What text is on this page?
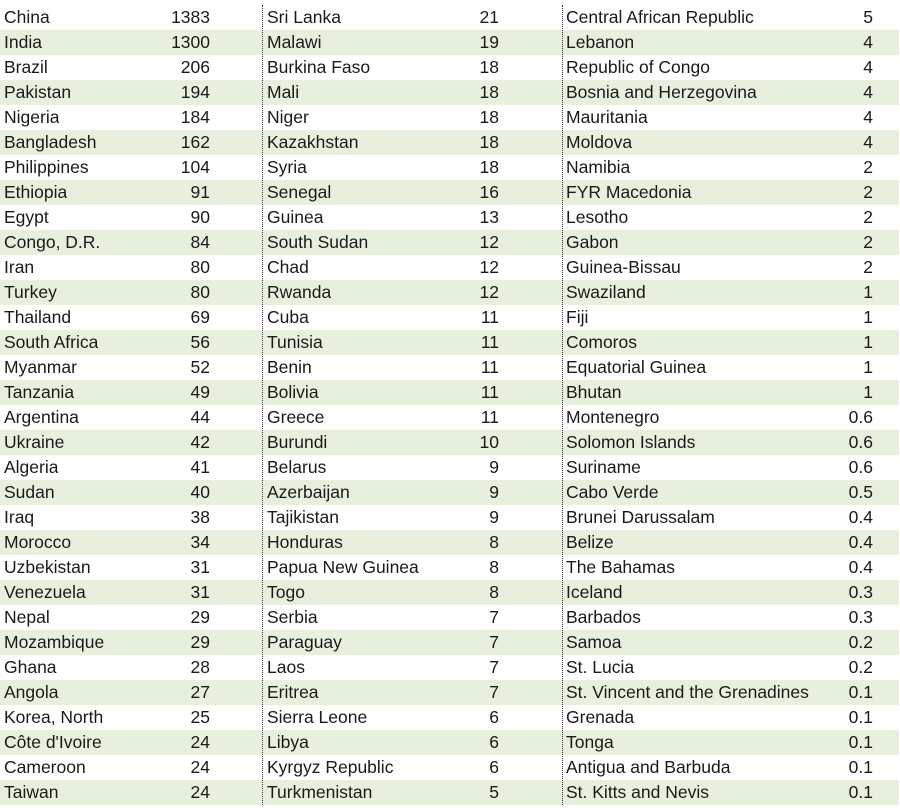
China	1383
India	1300
Brazil	206
Pakistan	194
Nigeria	184
Bangladesh	162
Philippines	104
Ethiopia	91
Egypt	90
Congo, D.R.	84
Iran	80
Turkey	80
Thailand	69
South Africa	56
Myanmar	52
Tanzania	49
Argentina	44
Ukraine	42
Algeria	41
Sudan	40
Iraq	38
Morocco	34
Uzbekistan	31
Venezuela	31
Nepal	29
Mozambique	29
Ghana	28
Angola	27
Korea, North	25
Côte d'Ivoire	24
Cameroon	24
Taiwan	24
Sri Lanka	21
Malawi	19
Burkina Faso	18
Mali	18
Niger	18
Kazakhstan	18
Syria	18
Senegal	16
Guinea	13
South Sudan	12
Chad	12
Rwanda	12
Cuba	11
Tunisia	11
Benin	11
Bolivia	11
Greece	11
Burundi	10
Belarus	9
Azerbaijan	9
Tajikistan	9
Honduras	8
Papua New Guinea	8
Togo	8
Serbia	7
Paraguay	7
Laos	7
Eritrea	7
Sierra Leone	6
Libya	6
Kyrgyz Republic	6
Turkmenistan	5
Central African Republic	5
Lebanon	4
Republic of Congo	4
Bosnia and Herzegovina	4
Mauritania	4
Moldova	4
Namibia	2
FYR Macedonia	2
Lesotho	2
Gabon	2
Guinea-Bissau	2
Swaziland	1
Fiji	1
Comoros	1
Equatorial Guinea	1
Bhutan	1
Montenegro	0.6
Solomon Islands	0.6
Suriname	0.6
Cabo Verde	0.5
Brunei Darussalam	0.4
Belize	0.4
The Bahamas	0.4
Iceland	0.3
Barbados	0.3
Samoa	0.2
St. Lucia	0.2
St. Vincent and the Grenadines	0.1
Grenada	0.1
Tonga	0.1
Antigua and Barbuda	0.1
St. Kitts and Nevis	0.1
